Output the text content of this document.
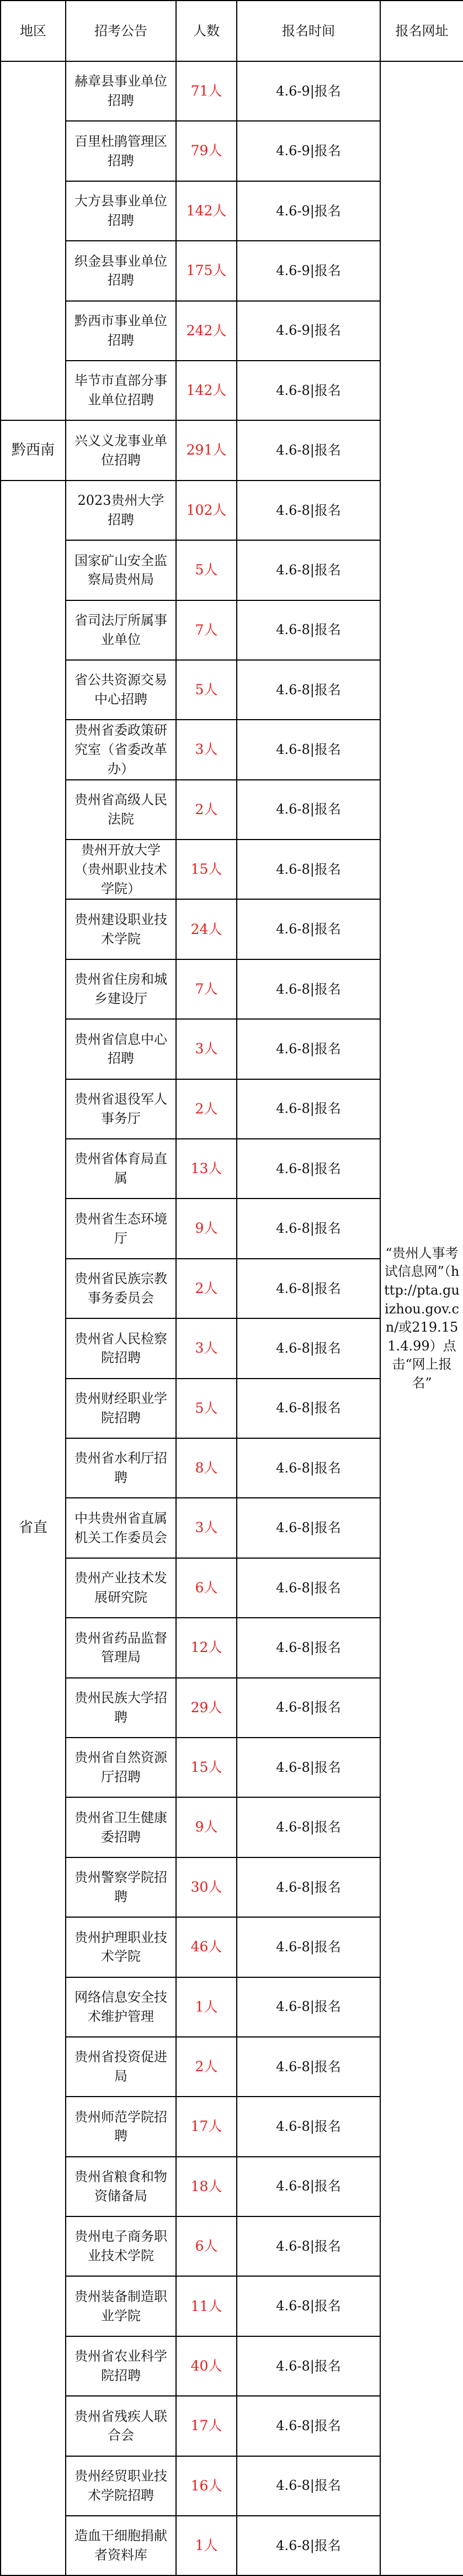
地区	招考公告	人数	报名时间	报名网址
	赫章县事业单位招聘	71人	4.6-9|报名	“贵州人事考试信息网”（http://pta.guizhou.gov.cn/或219.151.4.99）点击“网上报名”
	百里杜鹃管理区招聘	79人	4.6-9|报名	
	大方县事业单位招聘	142人	4.6-9|报名	
	织金县事业单位招聘	175人	4.6-9|报名	
	黔西市事业单位招聘	242人	4.6-9|报名	
	毕节市直部分事业单位招聘	142人	4.6-8|报名	
黔西南	兴义义龙事业单位招聘	291人	4.6-8|报名	
省直	2023贵州大学招聘	102人	4.6-8|报名	
	国家矿山安全监察局贵州局	5人	4.6-8|报名	
	省司法厅所属事业单位	7人	4.6-8|报名	
	省公共资源交易中心招聘	5人	4.6-8|报名	
	贵州省委政策研究室（省委改革办）	3人	4.6-8|报名	
	贵州省高级人民法院	2人	4.6-8|报名	
	贵州开放大学（贵州职业技术学院）	15人	4.6-8|报名	
	贵州建设职业技术学院	24人	4.6-8|报名	
	贵州省住房和城乡建设厅	7人	4.6-8|报名	
	贵州省信息中心招聘	3人	4.6-8|报名	
	贵州省退役军人事务厅	2人	4.6-8|报名	
	贵州省体育局直属	13人	4.6-8|报名	
	贵州省生态环境厅	9人	4.6-8|报名	
	贵州省民族宗教事务委员会	2人	4.6-8|报名	
	贵州省人民检察院招聘	3人	4.6-8|报名	
	贵州财经职业学院招聘	5人	4.6-8|报名	
	贵州省水利厅招聘	8人	4.6-8|报名	
	中共贵州省直属机关工作委员会	3人	4.6-8|报名	
	贵州产业技术发展研究院	6人	4.6-8|报名	
	贵州省药品监督管理局	12人	4.6-8|报名	
	贵州民族大学招聘	29人	4.6-8|报名	
	贵州省自然资源厅招聘	15人	4.6-8|报名	
	贵州省卫生健康委招聘	9人	4.6-8|报名	
	贵州警察学院招聘	30人	4.6-8|报名	
	贵州护理职业技术学院	46人	4.6-8|报名	
	网络信息安全技术维护管理	1人	4.6-8|报名	
	贵州省投资促进局	2人	4.6-8|报名	
	贵州师范学院招聘	17人	4.6-8|报名	
	贵州省粮食和物资储备局	18人	4.6-8|报名	
	贵州电子商务职业技术学院	6人	4.6-8|报名	
	贵州装备制造职业学院	11人	4.6-8|报名	
	贵州省农业科学院招聘	40人	4.6-8|报名	
	贵州省残疾人联合会	17人	4.6-8|报名	
	贵州经贸职业技术学院招聘	16人	4.6-8|报名	
	造血干细胞捐献者资料库	1人	4.6-8|报名	
